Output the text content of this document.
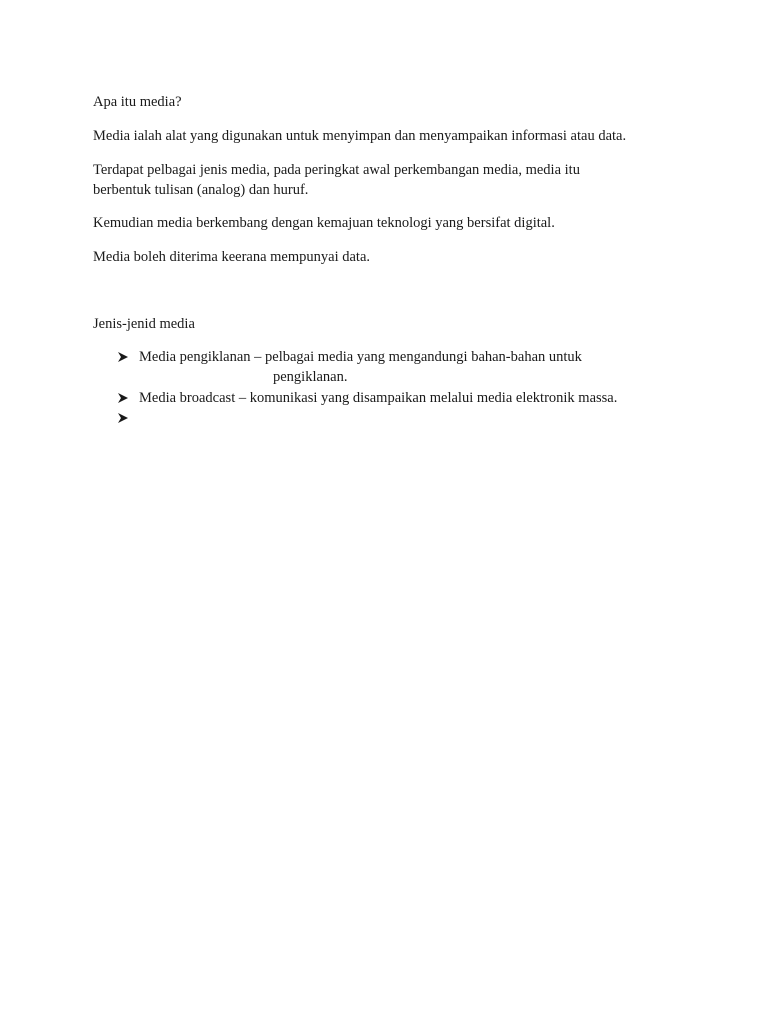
Apa itu media?
Media ialah alat yang digunakan untuk menyimpan dan menyampaikan informasi atau data.
Terdapat pelbagai jenis media, pada peringkat awal perkembangan media, media itu
berbentuk tulisan (analog) dan huruf.
Kemudian media berkembang dengan kemajuan teknologi yang bersifat digital.
Media boleh diterima keerana mempunyai data.
Jenis-jenid media
Media pengiklanan – pelbagai media yang mengandungi bahan-bahan untuk
pengiklanan.
Media broadcast – komunikasi yang disampaikan melalui media elektronik massa.
